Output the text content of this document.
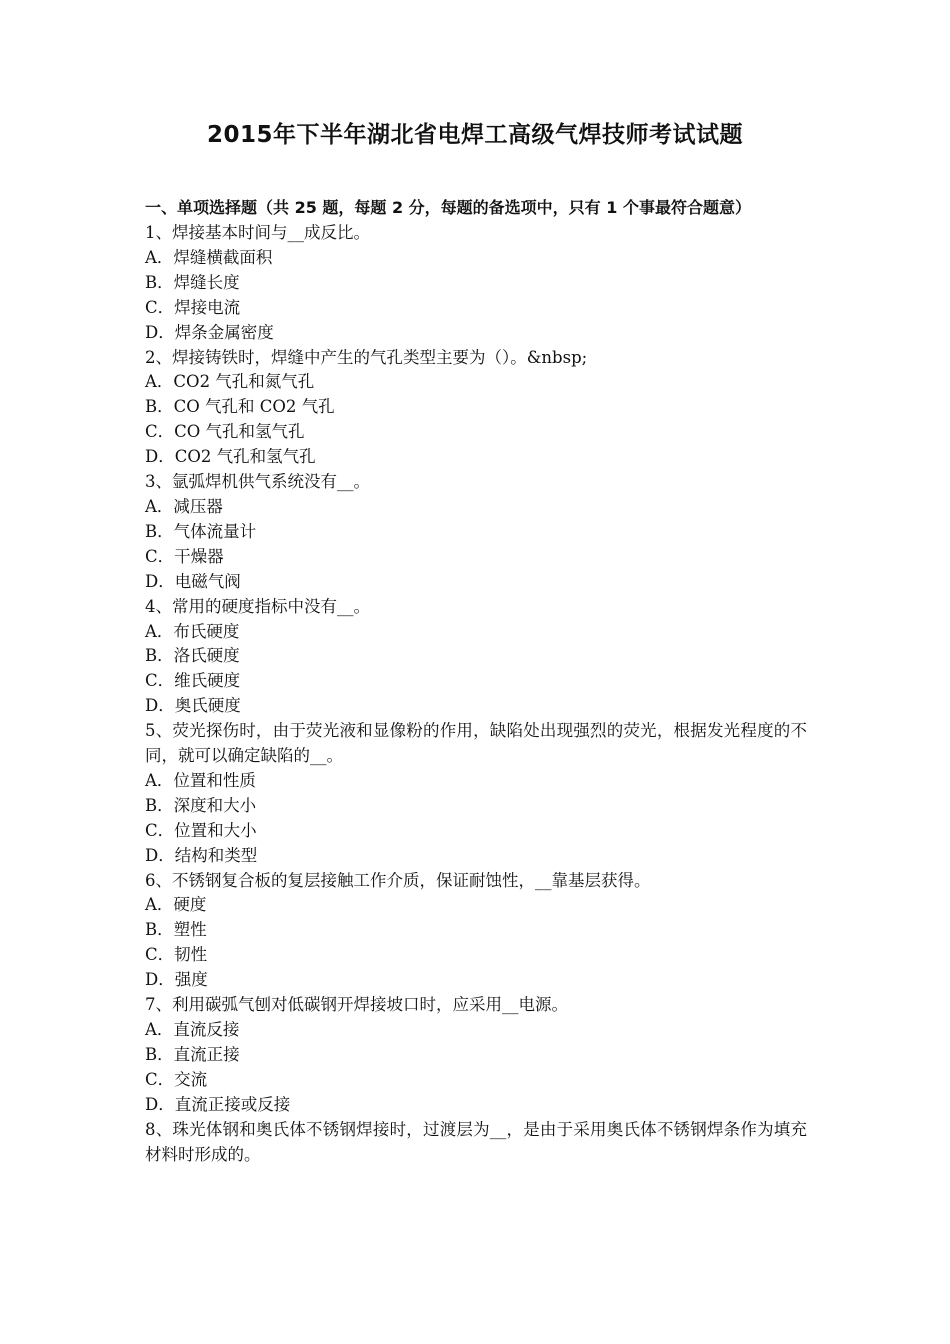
2015年下半年湖北省电焊工高级气焊技师考试试题
一、单项选择题（共 25 题，每题 2 分，每题的备选项中，只有 1 个事最符合题意）
1、焊接基本时间与__成反比。
A．焊缝横截面积
B．焊缝长度
C．焊接电流
D．焊条金属密度
2、焊接铸铁时，焊缝中产生的气孔类型主要为（）。&nbsp;
A．CO2 气孔和氮气孔
B．CO 气孔和 CO2 气孔
C．CO 气孔和氢气孔
D．CO2 气孔和氢气孔
3、氩弧焊机供气系统没有__。
A．减压器
B．气体流量计
C．干燥器
D．电磁气阀
4、常用的硬度指标中没有__。
A．布氏硬度
B．洛氏硬度
C．维氏硬度
D．奥氏硬度
5、荧光探伤时，由于荧光液和显像粉的作用，缺陷处出现强烈的荧光，根据发光程度的不同，就可以确定缺陷的__。
A．位置和性质
B．深度和大小
C．位置和大小
D．结构和类型
6、不锈钢复合板的复层接触工作介质，保证耐蚀性，__靠基层获得。
A．硬度
B．塑性
C．韧性
D．强度
7、利用碳弧气刨对低碳钢开焊接坡口时，应采用__电源。
A．直流反接
B．直流正接
C．交流
D．直流正接或反接
8、珠光体钢和奥氏体不锈钢焊接时，过渡层为__，是由于采用奥氏体不锈钢焊条作为填充材料时形成的。
